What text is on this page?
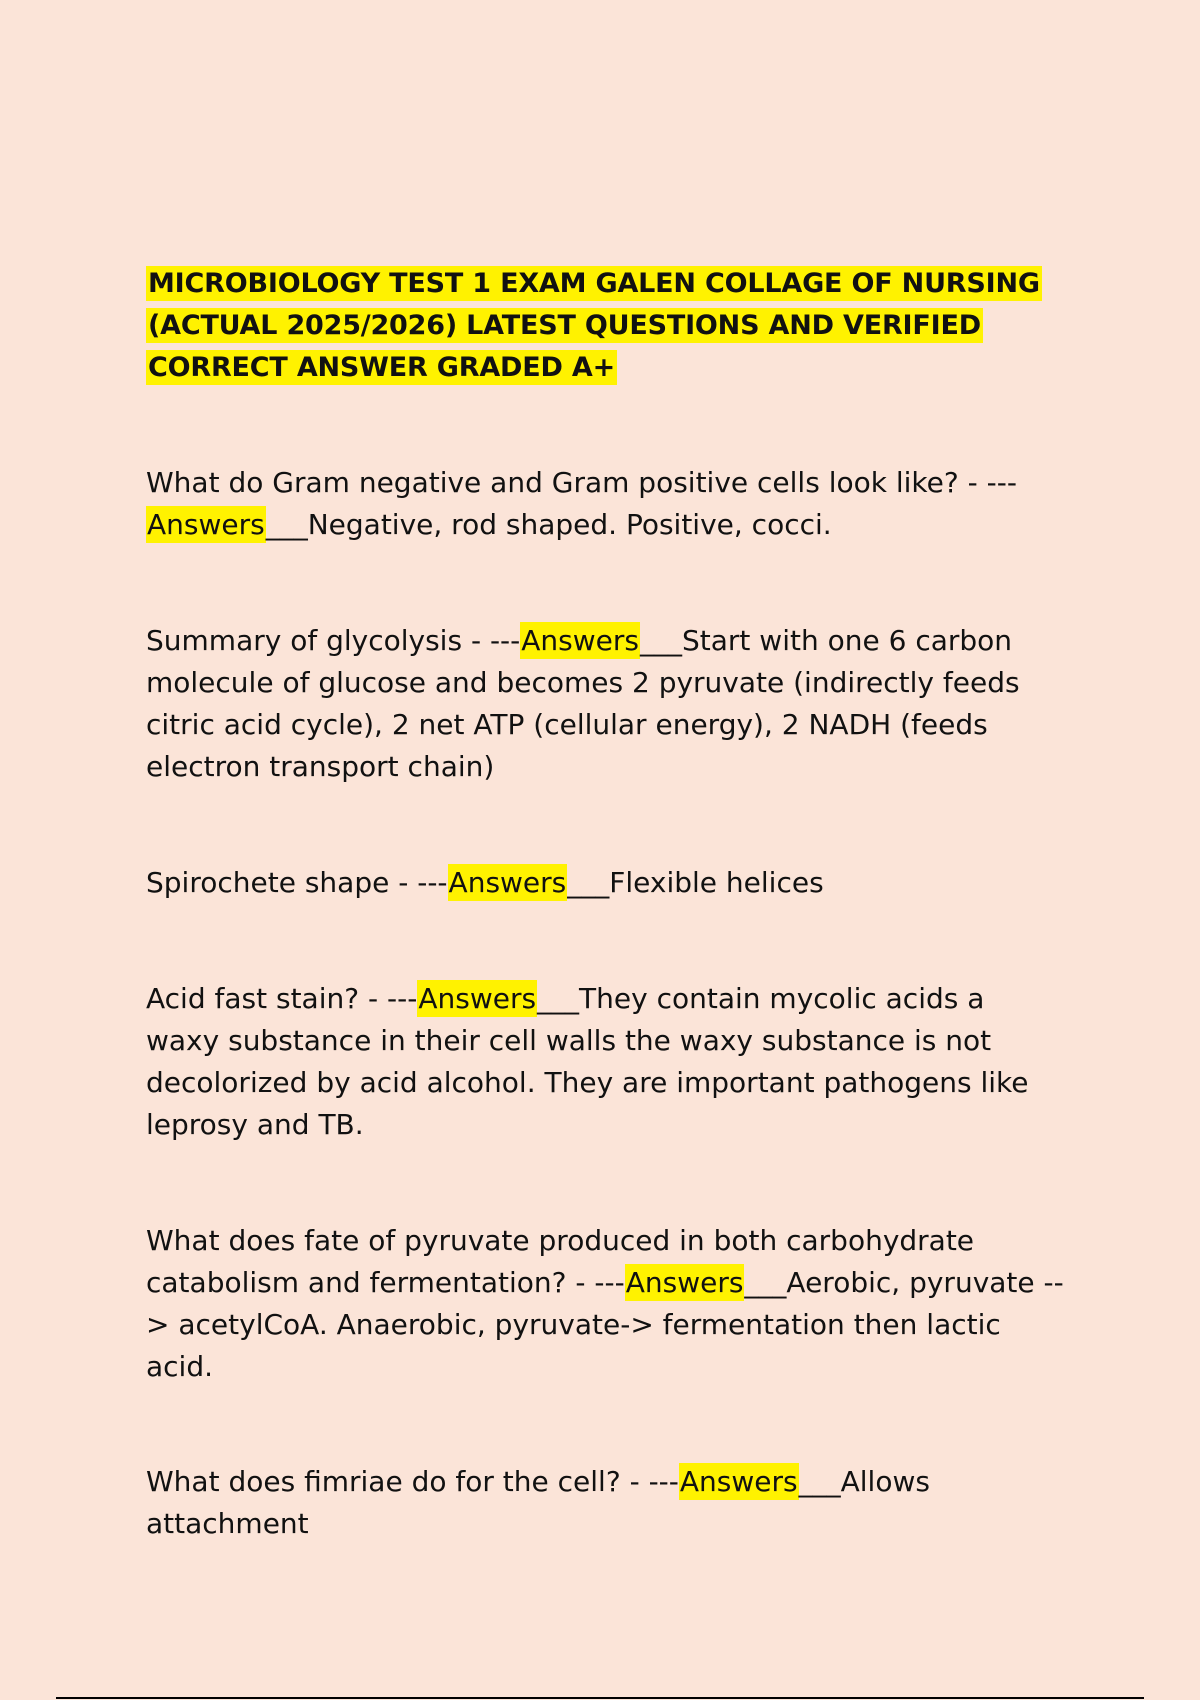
MICROBIOLOGY TEST 1 EXAM GALEN COLLAGE OF NURSING
(ACTUAL 2025/2026) LATEST QUESTIONS AND VERIFIED
CORRECT ANSWER GRADED A+
What do Gram negative and Gram positive cells look like? - --- Answers___Negative, rod shaped. Positive, cocci.
Summary of glycolysis - ---Answers___Start with one 6 carbon molecule of glucose and becomes 2 pyruvate (indirectly feeds citric acid cycle), 2 net ATP (cellular energy), 2 NADH (feeds electron transport chain)
Spirochete shape - ---Answers___Flexible helices
Acid fast stain? - ---Answers___They contain mycolic acids a waxy substance in their cell walls the waxy substance is not decolorized by acid alcohol. They are important pathogens like leprosy and TB.
What does fate of pyruvate produced in both carbohydrate catabolism and fermentation? - ---Answers___Aerobic, pyruvate --> acetylCoA. Anaerobic, pyruvate-> fermentation then lactic acid.
What does fimriae do for the cell? - ---Answers___Allows attachment
